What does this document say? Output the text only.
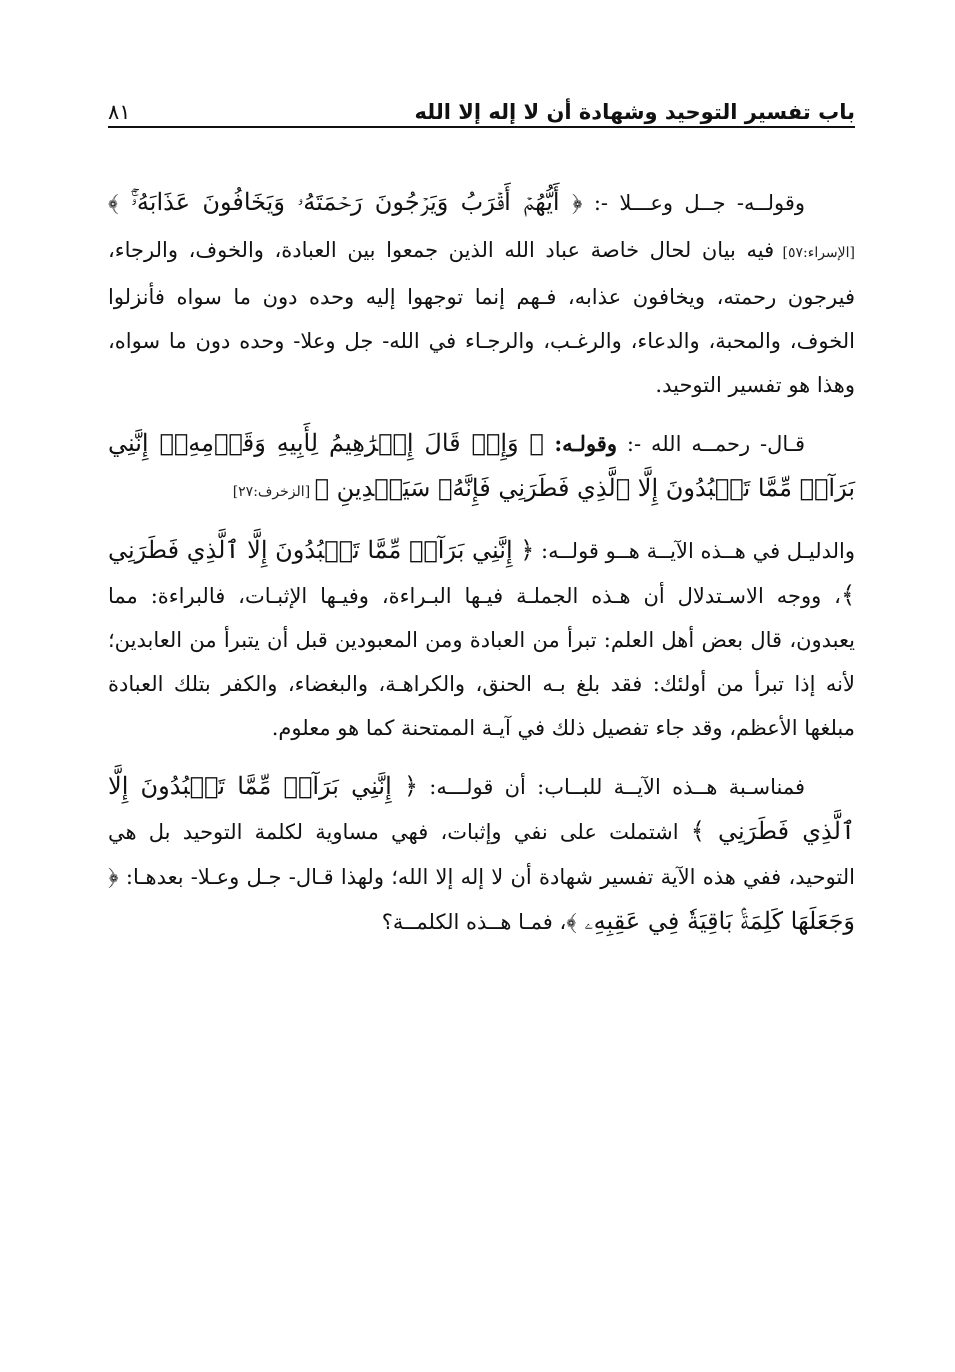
باب تفسير التوحيد وشهادة أن لا إله إلا الله
٨١

وقولــه- جــل وعـــلا -: ﴿ أَيُّهُمۡ أَقۡرَبُ وَيَرۡجُونَ رَحۡمَتَهُۥ وَيَخَافُونَ عَذَابَهُۥٓۚ ﴾ [الإسراء:٥٧] فيه بيان لحال خاصة عباد الله الذين جمعوا بين العبادة، والخوف، والرجاء، فيرجون رحمته، ويخافون عذابه، فـهم إنما توجهوا إليه وحده دون ما سواه فأنزلوا الخوف، والمحبة، والدعاء، والرغـب، والرجـاء في الله- جل وعلا- وحده دون ما سواه، وهذا هو تفسير التوحيد.

قـال- رحمــه الله -: وقولـه: ﴿ وَإِذۡ قَالَ إِبۡرَٰهِيمُ لِأَبِيهِ وَقَوۡمِهِۦٓ إِنَّنِي بَرَآءٞ مِّمَّا تَعۡبُدُونَ إِلَّا ٱلَّذِي فَطَرَنِي فَإِنَّهُۥ سَيَهۡدِينِ ﴾ [الزخرف:٢٧]

والدليـل في هــذه الآيــة هــو قولــه: ﴿ إِنَّنِي بَرَآءٞ مِّمَّا تَعۡبُدُونَ إِلَّا ٱلَّذِي فَطَرَنِي ﴾، ووجه الاسـتدلال أن هـذه الجملـة فيـها البـراءة، وفيـها الإثبـات، فالبراءة: مما يعبدون، قال بعض أهل العلم: تبرأ من العبادة ومن المعبودين قبل أن يتبرأ من العابدين؛ لأنه إذا تبرأ من أولئك: فقد بلغ بـه الحنق، والكراهـة، والبغضاء، والكفر بتلك العبادة مبلغها الأعظم، وقد جاء تفصيل ذلك في آيـة الممتحنة كما هو معلوم.

فمناسـبة هــذه الآيــة للبــاب: أن قولـــه: ﴿ إِنَّنِي بَرَآءٞ مِّمَّا تَعۡبُدُونَ إِلَّا ٱلَّذِي فَطَرَنِي ﴾ اشتملت على نفي وإثبات، فهي مساوية لكلمة التوحيد بل هي التوحيد، ففي هذه الآية تفسير شهادة أن لا إله إلا الله؛ ولهذا قـال- جـل وعـلا- بعدهـا: ﴿ وَجَعَلَهَا كَلِمَةَۢ بَاقِيَةٗ فِي عَقِبِهِۦ ﴾، فمـا هــذه الكلمــة؟
